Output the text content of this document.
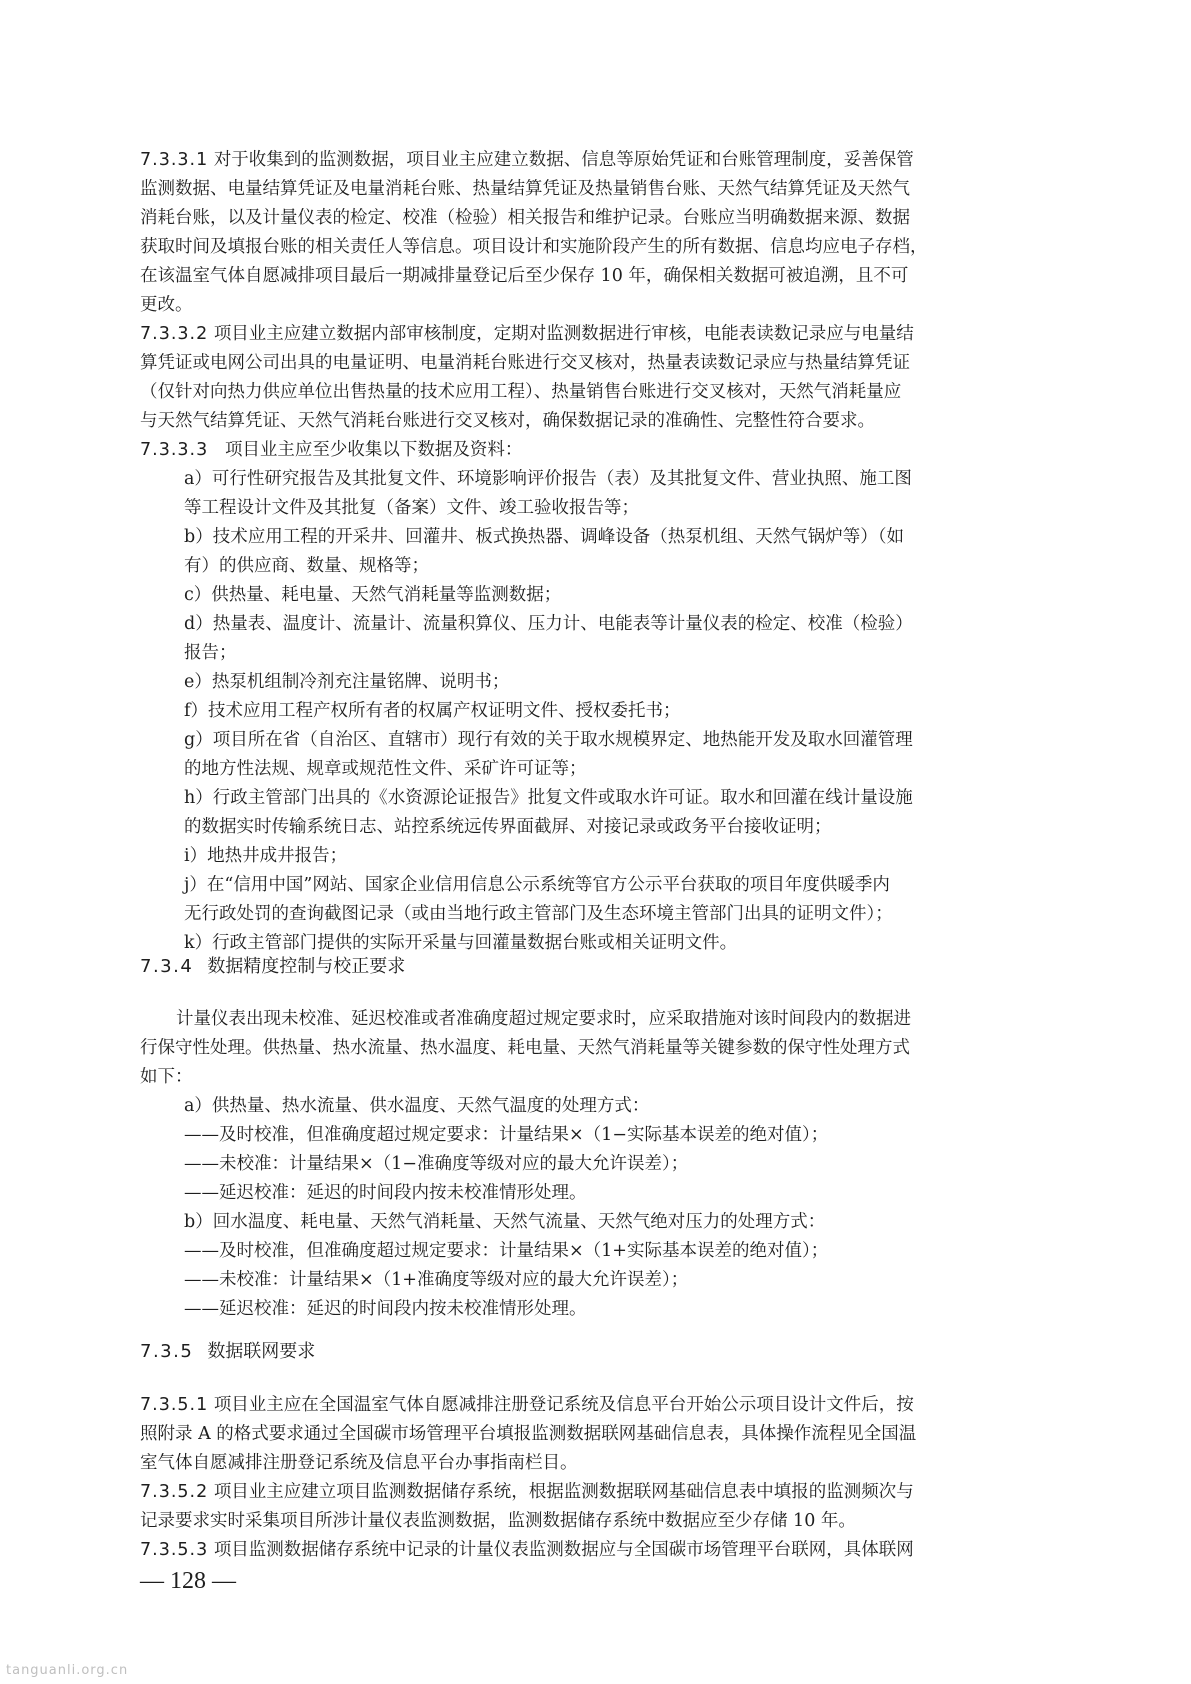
7.3.3.1 对于收集到的监测数据，项目业主应建立数据、信息等原始凭证和台账管理制度，妥善保管
监测数据、电量结算凭证及电量消耗台账、热量结算凭证及热量销售台账、天然气结算凭证及天然气
消耗台账，以及计量仪表的检定、校准（检验）相关报告和维护记录。台账应当明确数据来源、数据
获取时间及填报台账的相关责任人等信息。项目设计和实施阶段产生的所有数据、信息均应电子存档，
在该温室气体自愿减排项目最后一期减排量登记后至少保存 10 年，确保相关数据可被追溯，且不可
更改。
7.3.3.2 项目业主应建立数据内部审核制度，定期对监测数据进行审核，电能表读数记录应与电量结
算凭证或电网公司出具的电量证明、电量消耗台账进行交叉核对，热量表读数记录应与热量结算凭证
（仅针对向热力供应单位出售热量的技术应用工程）、热量销售台账进行交叉核对，天然气消耗量应
与天然气结算凭证、天然气消耗台账进行交叉核对，确保数据记录的准确性、完整性符合要求。
7.3.3.3 项目业主应至少收集以下数据及资料：
a）可行性研究报告及其批复文件、环境影响评价报告（表）及其批复文件、营业执照、施工图
等工程设计文件及其批复（备案）文件、竣工验收报告等；
b）技术应用工程的开采井、回灌井、板式换热器、调峰设备（热泵机组、天然气锅炉等）（如
有）的供应商、数量、规格等；
c）供热量、耗电量、天然气消耗量等监测数据；
d）热量表、温度计、流量计、流量积算仪、压力计、电能表等计量仪表的检定、校准（检验）
报告；
e）热泵机组制冷剂充注量铭牌、说明书；
f）技术应用工程产权所有者的权属产权证明文件、授权委托书；
g）项目所在省（自治区、直辖市）现行有效的关于取水规模界定、地热能开发及取水回灌管理
的地方性法规、规章或规范性文件、采矿许可证等；
h）行政主管部门出具的《水资源论证报告》批复文件或取水许可证。取水和回灌在线计量设施
的数据实时传输系统日志、站控系统远传界面截屏、对接记录或政务平台接收证明；
i）地热井成井报告；
j）在“信用中国”网站、国家企业信用信息公示系统等官方公示平台获取的项目年度供暖季内
无行政处罚的查询截图记录（或由当地行政主管部门及生态环境主管部门出具的证明文件）；
k）行政主管部门提供的实际开采量与回灌量数据台账或相关证明文件。
7.3.4 数据精度控制与校正要求
计量仪表出现未校准、延迟校准或者准确度超过规定要求时，应采取措施对该时间段内的数据进
行保守性处理。供热量、热水流量、热水温度、耗电量、天然气消耗量等关键参数的保守性处理方式
如下：
a）供热量、热水流量、供水温度、天然气温度的处理方式：
——及时校准，但准确度超过规定要求：计量结果×（1−实际基本误差的绝对值）；
——未校准：计量结果×（1−准确度等级对应的最大允许误差）；
——延迟校准：延迟的时间段内按未校准情形处理。
b）回水温度、耗电量、天然气消耗量、天然气流量、天然气绝对压力的处理方式：
——及时校准，但准确度超过规定要求：计量结果×（1+实际基本误差的绝对值）；
——未校准：计量结果×（1+准确度等级对应的最大允许误差）；
——延迟校准：延迟的时间段内按未校准情形处理。
7.3.5 数据联网要求
7.3.5.1 项目业主应在全国温室气体自愿减排注册登记系统及信息平台开始公示项目设计文件后，按
照附录 A 的格式要求通过全国碳市场管理平台填报监测数据联网基础信息表，具体操作流程见全国温
室气体自愿减排注册登记系统及信息平台办事指南栏目。
7.3.5.2 项目业主应建立项目监测数据储存系统，根据监测数据联网基础信息表中填报的监测频次与
记录要求实时采集项目所涉计量仪表监测数据，监测数据储存系统中数据应至少存储 10 年。
7.3.5.3 项目监测数据储存系统中记录的计量仪表监测数据应与全国碳市场管理平台联网，具体联网
— 128 —
tanguanli.org.cn
